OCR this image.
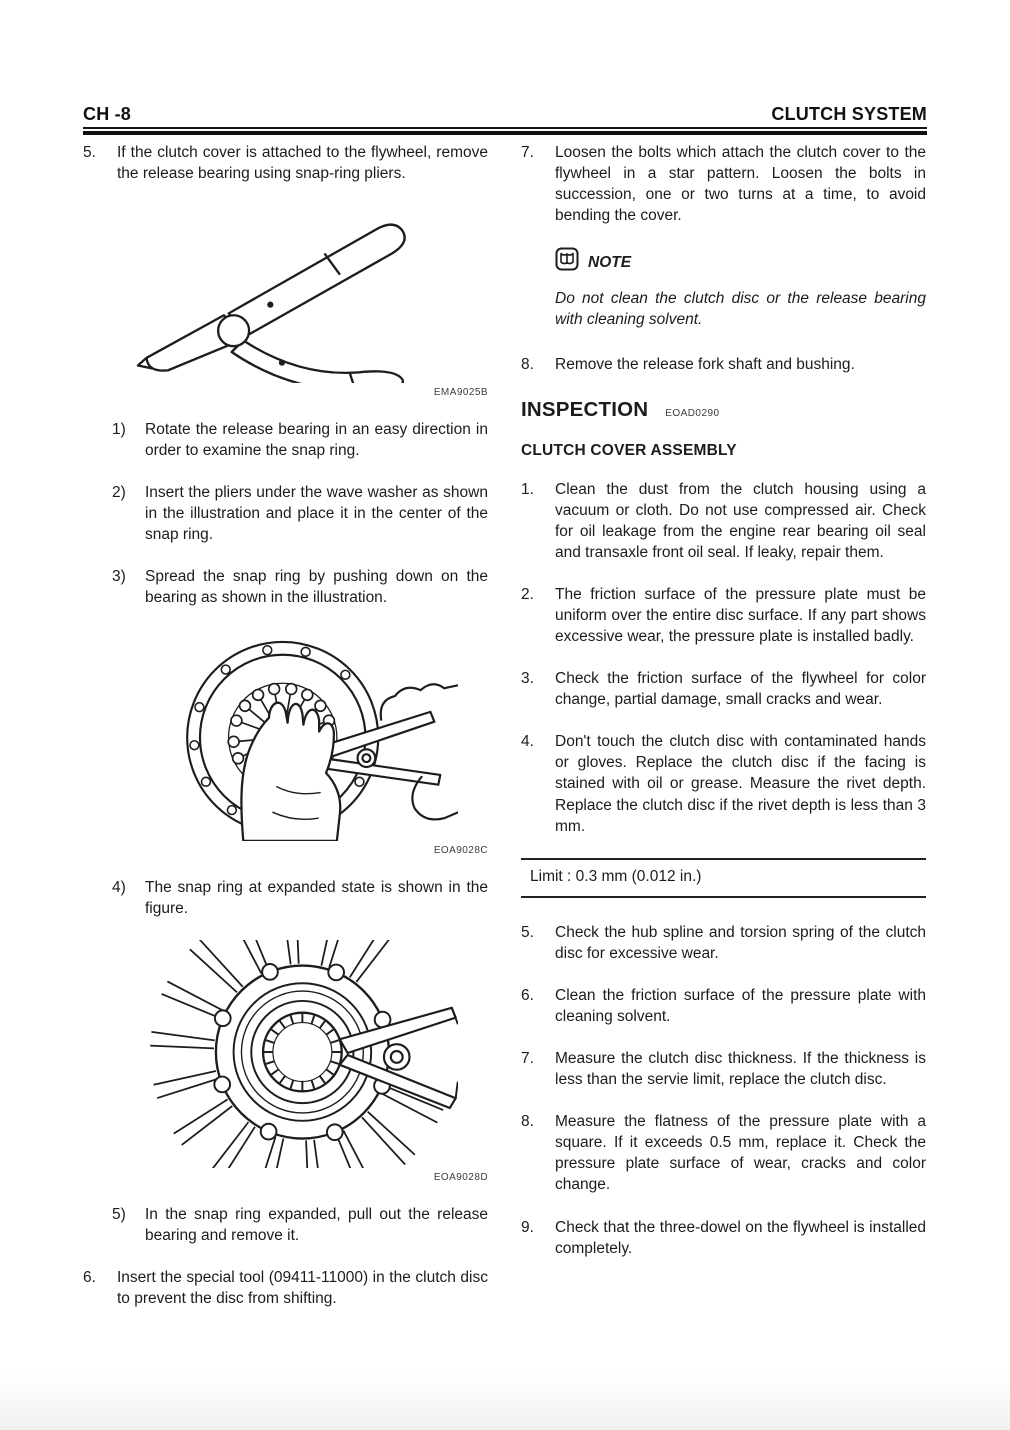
CH -8	CLUTCH SYSTEM
5.	If the clutch cover is attached to the flywheel, remove the release bearing using snap-ring pliers.
EMA9025B
1)	Rotate the release bearing in an easy direction in order to examine the snap ring.
2)	Insert the pliers under the wave washer as shown in the illustration and place it in the center of the snap ring.
3)	Spread the snap ring by pushing down on the bearing as shown in the illustration.
EOA9028C
4)	The snap ring at expanded state is shown in the figure.
EOA9028D
5)	In the snap ring expanded, pull out the release bearing and remove it.
6.	Insert the special tool (09411-11000) in the clutch disc to prevent the disc from shifting.
7.	Loosen the bolts which attach the clutch cover to the flywheel in a star pattern. Loosen the bolts in succession, one or two turns at a time, to avoid bending the cover.
NOTE
Do not clean the clutch disc or the release bearing with cleaning solvent.
8.	Remove the release fork shaft and bushing.
INSPECTION EOAD0290
CLUTCH COVER ASSEMBLY
1.	Clean the dust from the clutch housing using a vacuum or cloth. Do not use compressed air. Check for oil leakage from the engine rear bearing oil seal and transaxle front oil seal. If leaky, repair them.
2.	The friction surface of the pressure plate must be uniform over the entire disc surface. If any part shows excessive wear, the pressure plate is installed badly.
3.	Check the friction surface of the flywheel for color change, partial damage, small cracks and wear.
4.	Don't touch the clutch disc with contaminated hands or gloves. Replace the clutch disc if the facing is stained with oil or grease. Measure the rivet depth. Replace the clutch disc if the rivet depth is less than 3 mm.
Limit : 0.3 mm (0.012 in.)
5.	Check the hub spline and torsion spring of the clutch disc for excessive wear.
6.	Clean the friction surface of the pressure plate with cleaning solvent.
7.	Measure the clutch disc thickness. If the thickness is less than the servie limit, replace the clutch disc.
8.	Measure the flatness of the pressure plate with a square. If it exceeds 0.5 mm, replace it. Check the pressure plate surface of wear, cracks and color change.
9.	Check that the three-dowel on the flywheel is installed completely.
